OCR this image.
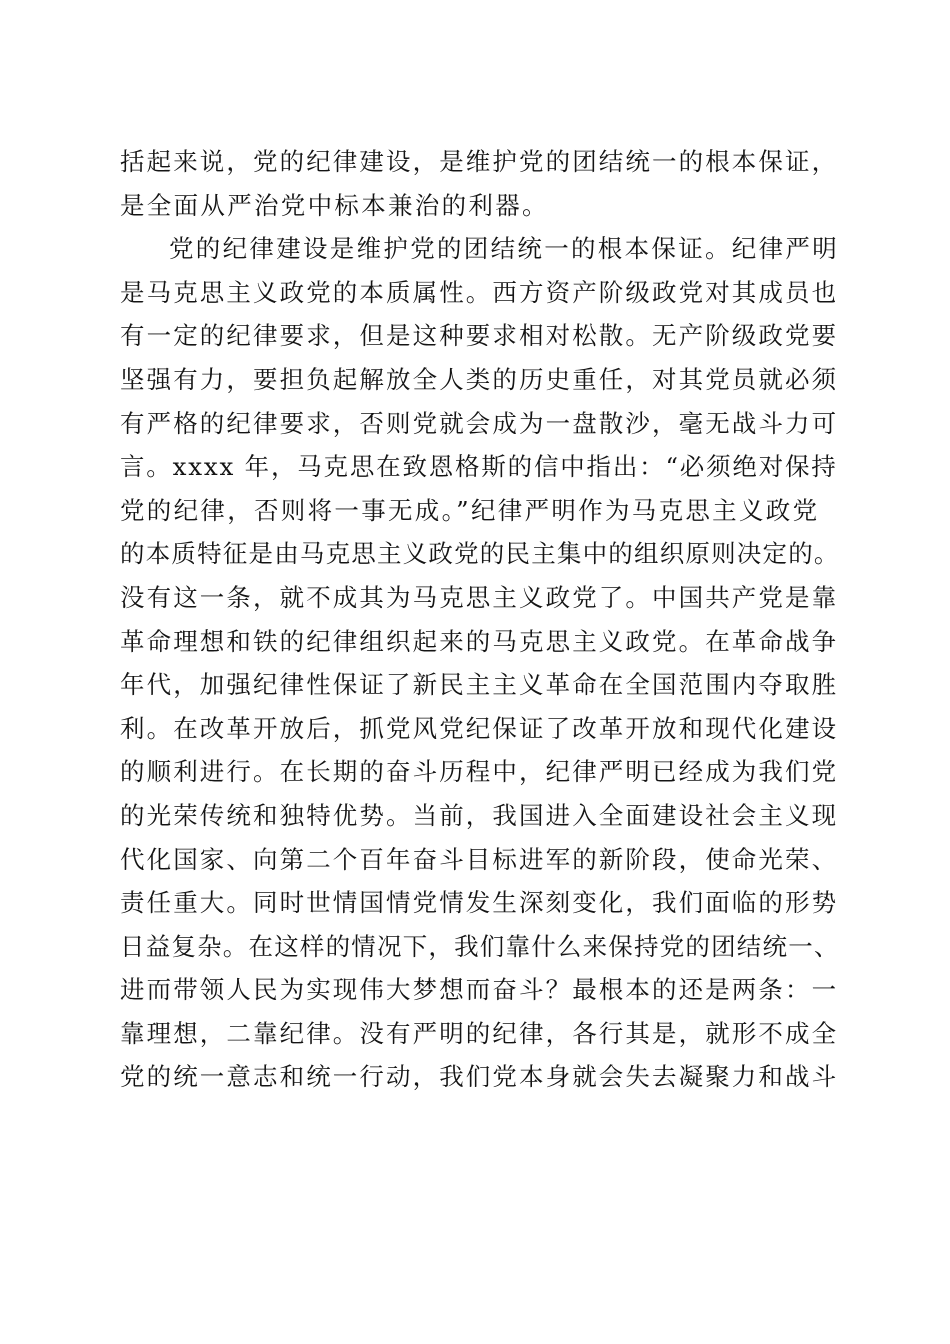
括起来说，党的纪律建设，是维护党的团结统一的根本保证，
是全面从严治党中标本兼治的利器。
党的纪律建设是维护党的团结统一的根本保证。纪律严明
是马克思主义政党的本质属性。西方资产阶级政党对其成员也
有一定的纪律要求，但是这种要求相对松散。无产阶级政党要
坚强有力，要担负起解放全人类的历史重任，对其党员就必须
有严格的纪律要求，否则党就会成为一盘散沙，毫无战斗力可
言。xxxx 年，马克思在致恩格斯的信中指出：“必须绝对保持
党的纪律，否则将一事无成。”纪律严明作为马克思主义政党
的本质特征是由马克思主义政党的民主集中的组织原则决定的。
没有这一条，就不成其为马克思主义政党了。中国共产党是靠
革命理想和铁的纪律组织起来的马克思主义政党。在革命战争
年代，加强纪律性保证了新民主主义革命在全国范围内夺取胜
利。在改革开放后，抓党风党纪保证了改革开放和现代化建设
的顺利进行。在长期的奋斗历程中，纪律严明已经成为我们党
的光荣传统和独特优势。当前，我国进入全面建设社会主义现
代化国家、向第二个百年奋斗目标进军的新阶段，使命光荣、
责任重大。同时世情国情党情发生深刻变化，我们面临的形势
日益复杂。在这样的情况下，我们靠什么来保持党的团结统一、
进而带领人民为实现伟大梦想而奋斗？最根本的还是两条：一
靠理想，二靠纪律。没有严明的纪律，各行其是，就形不成全
党的统一意志和统一行动，我们党本身就会失去凝聚力和战斗
